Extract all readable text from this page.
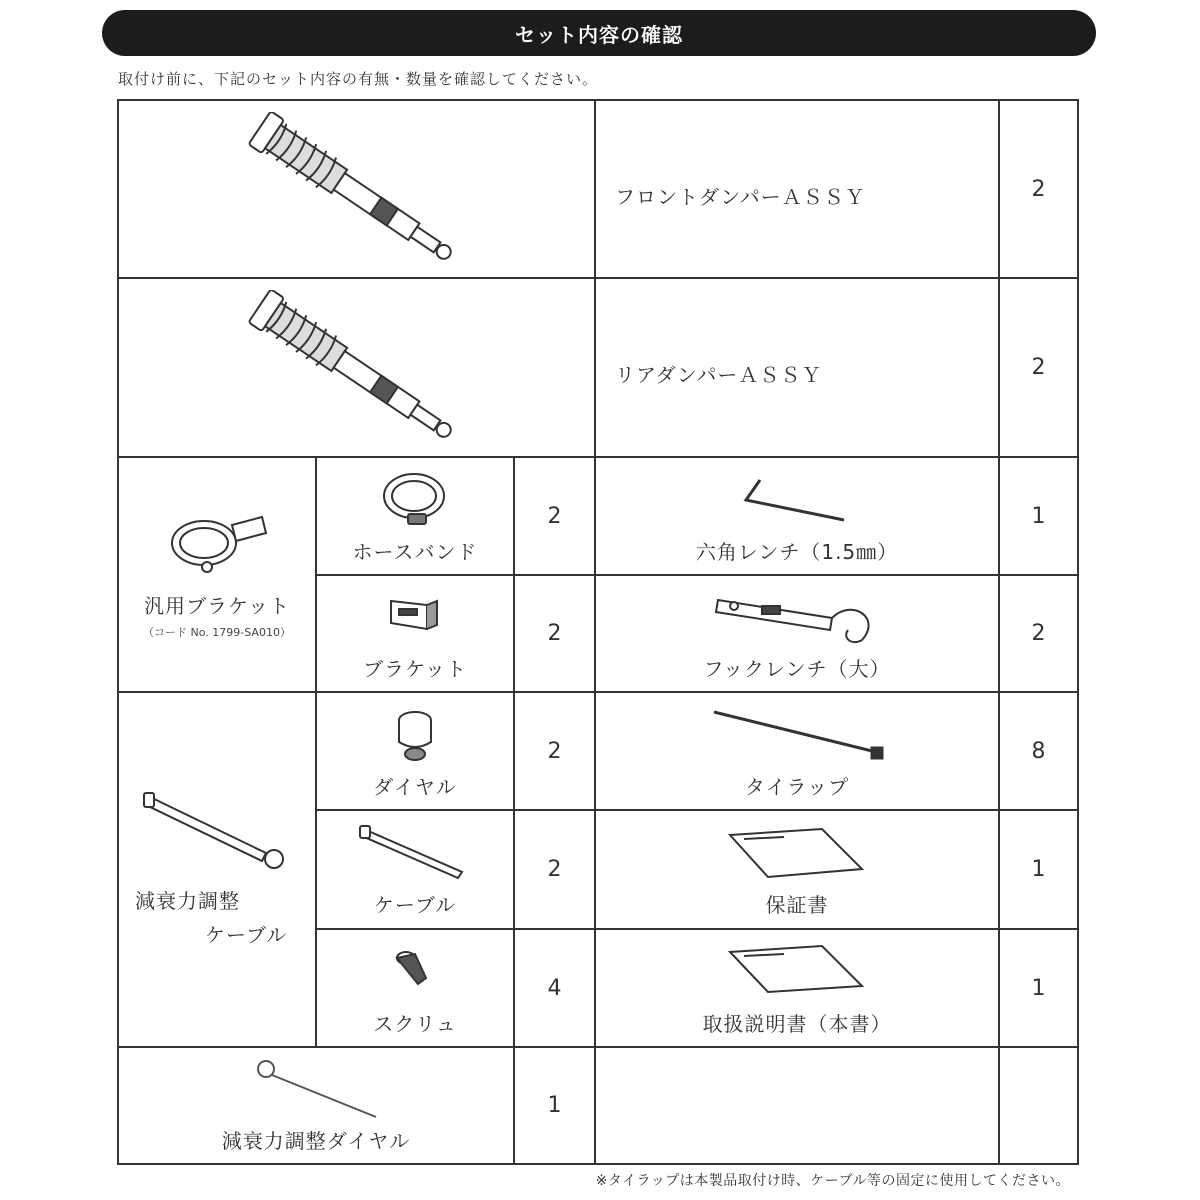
セット内容の確認
取付け前に、下記のセット内容の有無・数量を確認してください。
フロントダンパーＡＳＳＹ	2
リアダンパーＡＳＳＹ	2
汎用ブラケット
（コード No. 1799-SA010）
ホースバンド
2
六角レンチ（1.5㎜）
1
ブラケット
2
フックレンチ（大）
2
減衰力調整
ケーブル
ダイヤル
2
タイラップ
8
ケーブル
2
保証書
1
スクリュ
4
取扱説明書（本書）
1
減衰力調整ダイヤル
1
※タイラップは本製品取付け時、ケーブル等の固定に使用してください。
